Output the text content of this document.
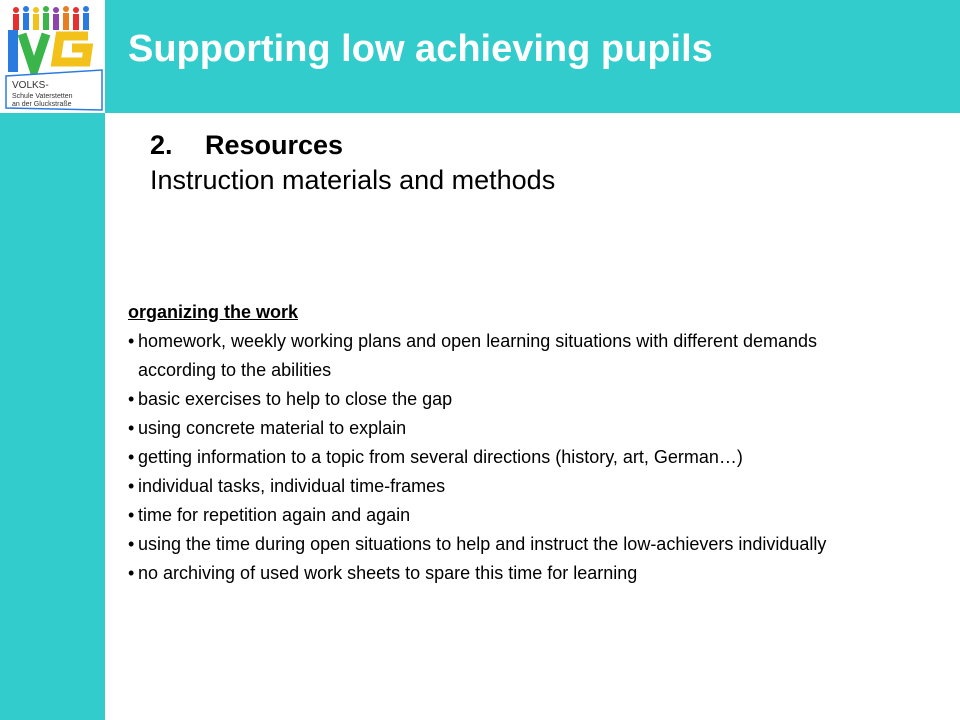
VOLKS-
Schule Vaterstetten
an der Gluckstraße
Supporting low achieving pupils
2. Resources
Instruction materials and methods
organizing the work
• homework, weekly working plans and open learning situations with different demands according to the abilities
• basic exercises to help to close the gap
• using concrete material to explain
• getting information to a topic from several directions (history, art, German…)
• individual tasks, individual time-frames
• time for repetition again and again
• using the time during open situations to help and instruct the low-achievers individually
• no archiving of used work sheets to spare this time for learning
